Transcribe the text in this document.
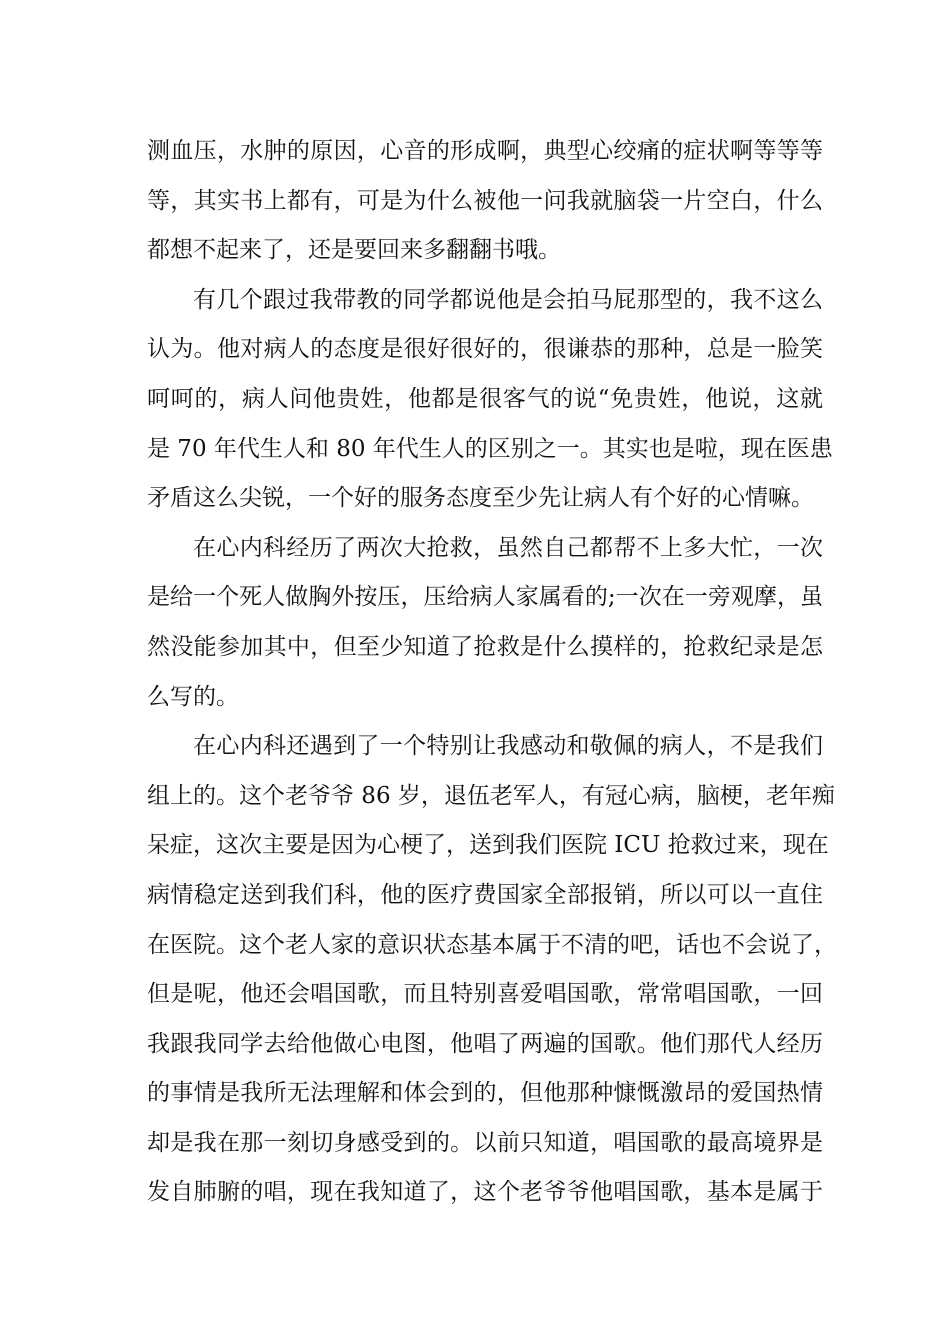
测血压，水肿的原因，心音的形成啊，典型心绞痛的症状啊等等等
等，其实书上都有，可是为什么被他一问我就脑袋一片空白，什么
都想不起来了，还是要回来多翻翻书哦。
有几个跟过我带教的同学都说他是会拍马屁那型的，我不这么
认为。他对病人的态度是很好很好的，很谦恭的那种，总是一脸笑
呵呵的，病人问他贵姓，他都是很客气的说“免贵姓，他说，这就
是 70 年代生人和 80 年代生人的区别之一。其实也是啦，现在医患
矛盾这么尖锐，一个好的服务态度至少先让病人有个好的心情嘛。
在心内科经历了两次大抢救，虽然自己都帮不上多大忙，一次
是给一个死人做胸外按压，压给病人家属看的;一次在一旁观摩，虽
然没能参加其中，但至少知道了抢救是什么摸样的，抢救纪录是怎
么写的。
在心内科还遇到了一个特别让我感动和敬佩的病人，不是我们
组上的。这个老爷爷 86 岁，退伍老军人，有冠心病，脑梗，老年痴
呆症，这次主要是因为心梗了，送到我们医院 ICU 抢救过来，现在
病情稳定送到我们科，他的医疗费国家全部报销，所以可以一直住
在医院。这个老人家的意识状态基本属于不清的吧，话也不会说了，
但是呢，他还会唱国歌，而且特别喜爱唱国歌，常常唱国歌，一回
我跟我同学去给他做心电图，他唱了两遍的国歌。他们那代人经历
的事情是我所无法理解和体会到的，但他那种慷慨激昂的爱国热情
却是我在那一刻切身感受到的。以前只知道，唱国歌的最高境界是
发自肺腑的唱，现在我知道了，这个老爷爷他唱国歌，基本是属于
